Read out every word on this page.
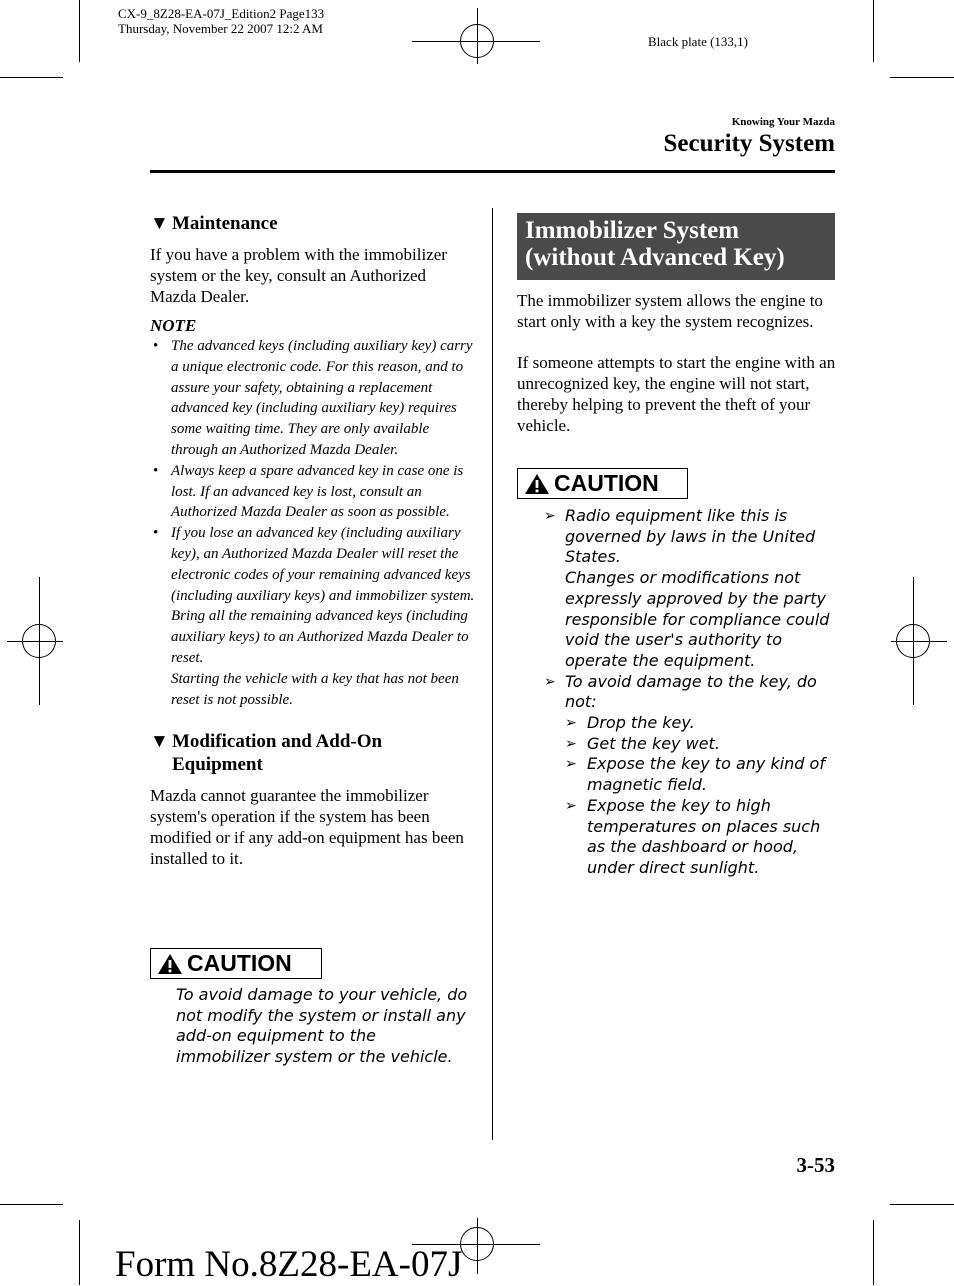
CX-9_8Z28-EA-07J_Edition2 Page133
Thursday, November 22 2007 12:2 AM
Black plate (133,1)
Knowing Your Mazda
Security System
▼ Maintenance

If you have a problem with the immobilizer system or the key, consult an Authorized Mazda Dealer.

NOTE
• The advanced keys (including auxiliary key) carry a unique electronic code. For this reason, and to assure your safety, obtaining a replacement advanced key (including auxiliary key) requires some waiting time. They are only available through an Authorized Mazda Dealer.
• Always keep a spare advanced key in case one is lost. If an advanced key is lost, consult an Authorized Mazda Dealer as soon as possible.
• If you lose an advanced key (including auxiliary key), an Authorized Mazda Dealer will reset the electronic codes of your remaining advanced keys (including auxiliary keys) and immobilizer system. Bring all the remaining advanced keys (including auxiliary keys) to an Authorized Mazda Dealer to reset.
Starting the vehicle with a key that has not been reset is not possible.
▼ Modification and Add-On
Equipment

Mazda cannot guarantee the immobilizer system's operation if the system has been modified or if any add-on equipment has been installed to it.

CAUTION
To avoid damage to your vehicle, do not modify the system or install any add-on equipment to the immobilizer system or the vehicle.
Immobilizer System
(without Advanced Key)

The immobilizer system allows the engine to start only with a key the system recognizes.

If someone attempts to start the engine with an unrecognized key, the engine will not start, thereby helping to prevent the theft of your vehicle.

CAUTION
➢ Radio equipment like this is governed by laws in the United States.
Changes or modifications not expressly approved by the party responsible for compliance could void the user's authority to operate the equipment.
➢ To avoid damage to the key, do not:
➢ Drop the key.
➢ Get the key wet.
➢ Expose the key to any kind of magnetic field.
➢ Expose the key to high temperatures on places such as the dashboard or hood, under direct sunlight.
3-53
Form No.8Z28-EA-07J
